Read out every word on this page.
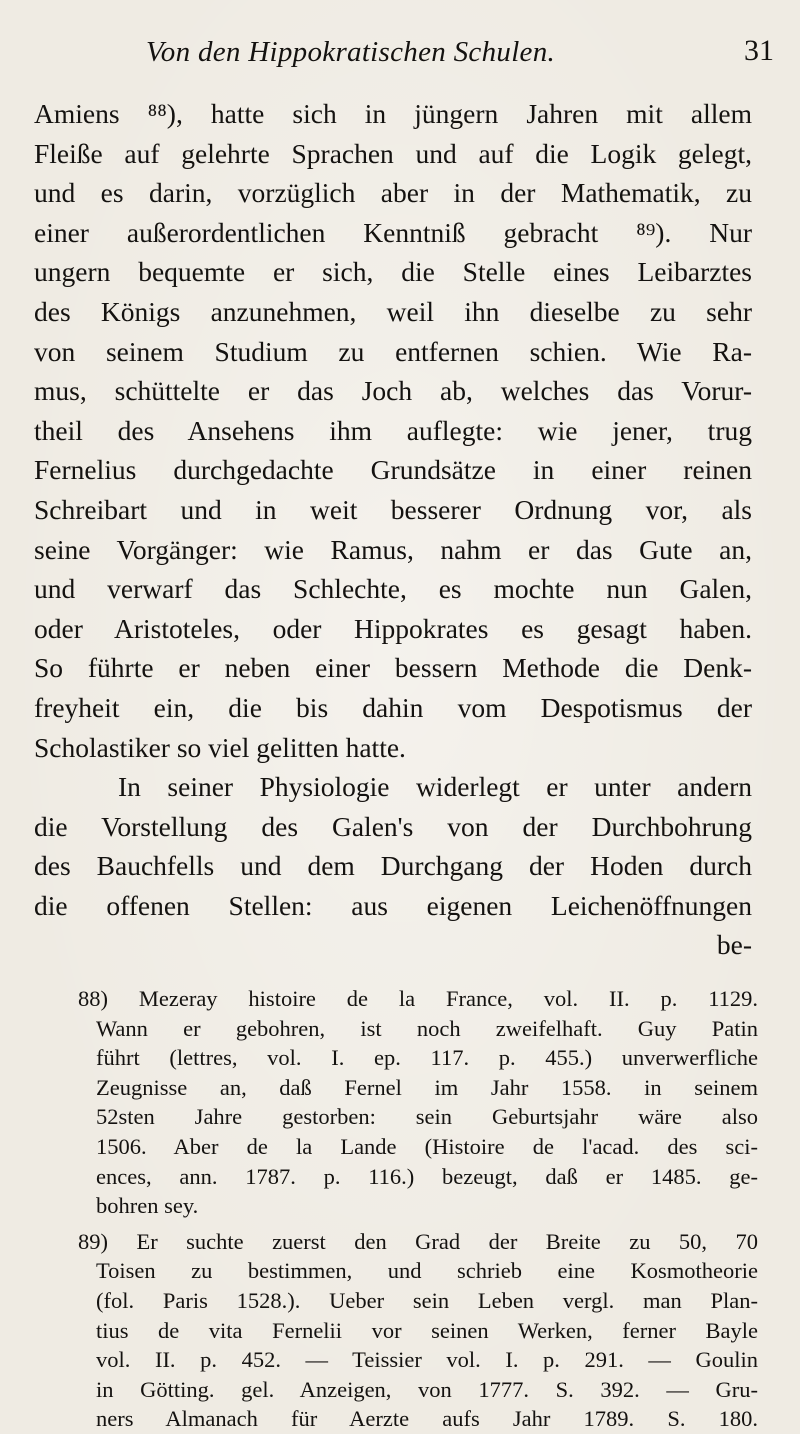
Von den Hippokratischen Schulen.	31
Amiens ⁸⁸), hatte sich in jüngern Jahren mit allem
Fleiße auf gelehrte Sprachen und auf die Logik gelegt,
und es darin, vorzüglich aber in der Mathematik, zu
einer außerordentlichen Kenntniß gebracht ⁸⁹). Nur
ungern bequemte er sich, die Stelle eines Leibarztes
des Königs anzunehmen, weil ihn dieselbe zu sehr
von seinem Studium zu entfernen schien. Wie Ra-
mus, schüttelte er das Joch ab, welches das Vorur-
theil des Ansehens ihm auflegte: wie jener, trug
Fernelius durchgedachte Grundsätze in einer reinen
Schreibart und in weit besserer Ordnung vor, als
seine Vorgänger: wie Ramus, nahm er das Gute an,
und verwarf das Schlechte, es mochte nun Galen,
oder Aristoteles, oder Hippokrates es gesagt haben.
So führte er neben einer bessern Methode die Denk-
freyheit ein, die bis dahin vom Despotismus der
Scholastiker so viel gelitten hatte.
In seiner Physiologie widerlegt er unter andern
die Vorstellung des Galen's von der Durchbohrung
des Bauchfells und dem Durchgang der Hoden durch
die offenen Stellen: aus eigenen Leichenöffnungen
be-
88) Mezeray histoire de la France, vol. II. p. 1129.
Wann er gebohren, ist noch zweifelhaft. Guy Patin
führt (lettres, vol. I. ep. 117. p. 455.) unverwerfliche
Zeugnisse an, daß Fernel im Jahr 1558. in seinem
52sten Jahre gestorben: sein Geburtsjahr wäre also
1506. Aber de la Lande (Histoire de l'acad. des sci-
ences, ann. 1787. p. 116.) bezeugt, daß er 1485. ge-
bohren sey.
89) Er suchte zuerst den Grad der Breite zu 50, 70
Toisen zu bestimmen, und schrieb eine Kosmotheorie
(fol. Paris 1528.). Ueber sein Leben vergl. man Plan-
tius de vita Fernelii vor seinen Werken, ferner Bayle
vol. II. p. 452. — Teissier vol. I. p. 291. — Goulin
in Götting. gel. Anzeigen, von 1777. S. 392. — Gru-
ners Almanach für Aerzte aufs Jahr 1789. S. 180.
